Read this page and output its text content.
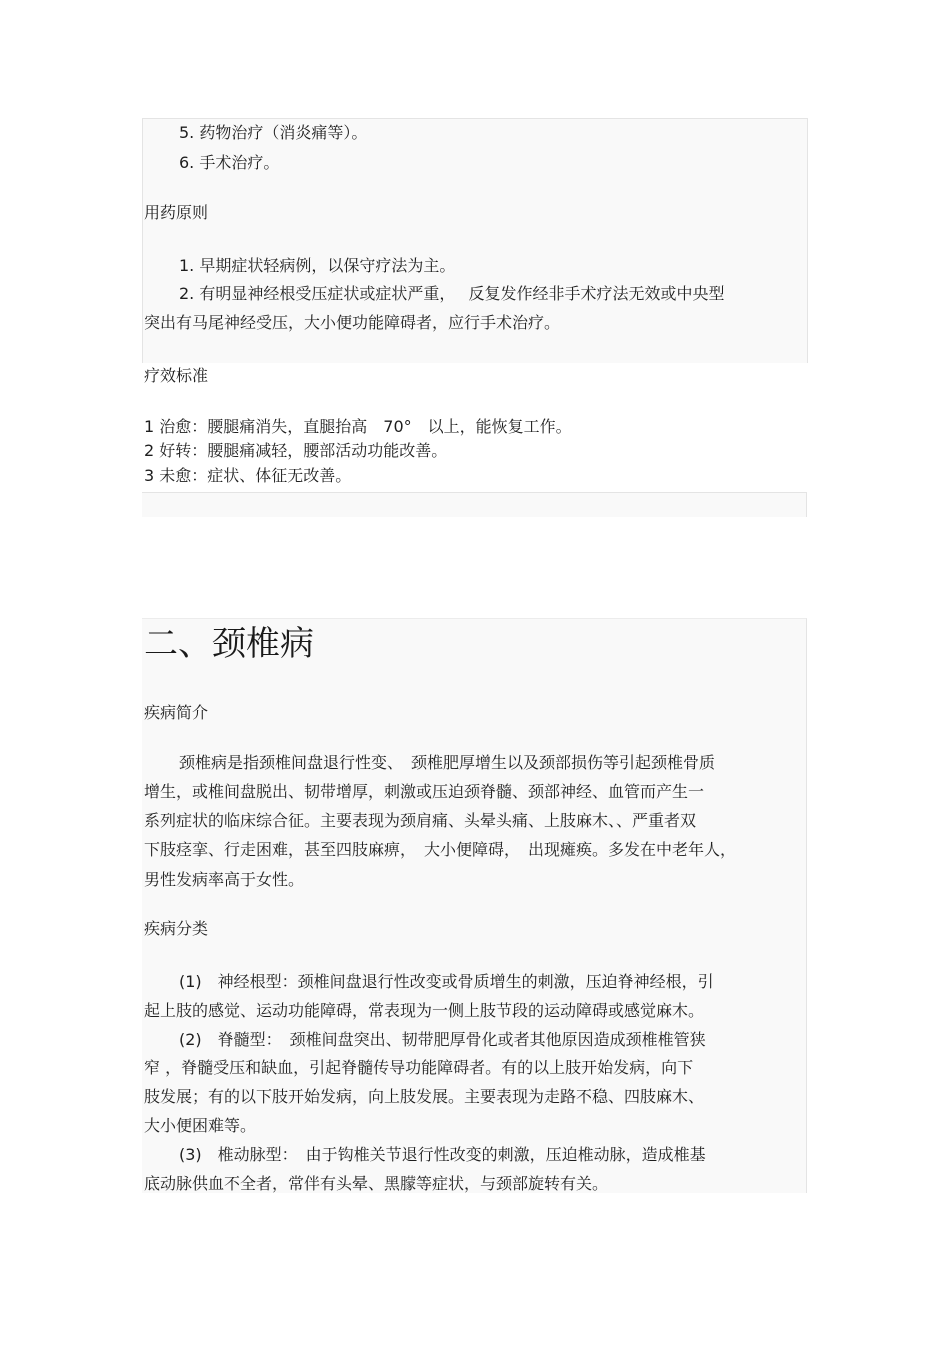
5. 药物治疗（消炎痛等）。
6. 手术治疗。
用药原则
1. 早期症状轻病例，以保守疗法为主。
2. 有明显神经根受压症状或症状严重，　 反复发作经非手术疗法无效或中央型
突出有马尾神经受压，大小便功能障碍者，应行手术治疗。
疗效标准
1 治愈：腰腿痛消失，直腿抬高　70°　以上，能恢复工作。
2 好转：腰腿痛减轻，腰部活动功能改善。
3 未愈：症状、体征无改善。
二、颈椎病
疾病简介
颈椎病是指颈椎间盘退行性变、　颈椎肥厚增生以及颈部损伤等引起颈椎骨质
增生，或椎间盘脱出、韧带增厚，刺激或压迫颈脊髓、颈部神经、血管而产生一
系列症状的临床综合征。主要表现为颈肩痛、头晕头痛、上肢麻木、、严重者双
下肢痉挛、行走困难，甚至四肢麻痹，　大小便障碍，　出现瘫痪。多发在中老年人，
男性发病率高于女性。
疾病分类
(1)　神经根型：颈椎间盘退行性改变或骨质增生的刺激，压迫脊神经根，引
起上肢的感觉、运动功能障碍，常表现为一侧上肢节段的运动障碍或感觉麻木。
(2)　脊髓型：　颈椎间盘突出、韧带肥厚骨化或者其他原因造成颈椎椎管狭
窄 ，脊髓受压和缺血，引起脊髓传导功能障碍者。有的以上肢开始发病，向下
肢发展；有的以下肢开始发病，向上肢发展。主要表现为走路不稳、四肢麻木、
大小便困难等。
(3)　椎动脉型：　由于钩椎关节退行性改变的刺激，压迫椎动脉，造成椎基
底动脉供血不全者，常伴有头晕、黑朦等症状，与颈部旋转有关。
